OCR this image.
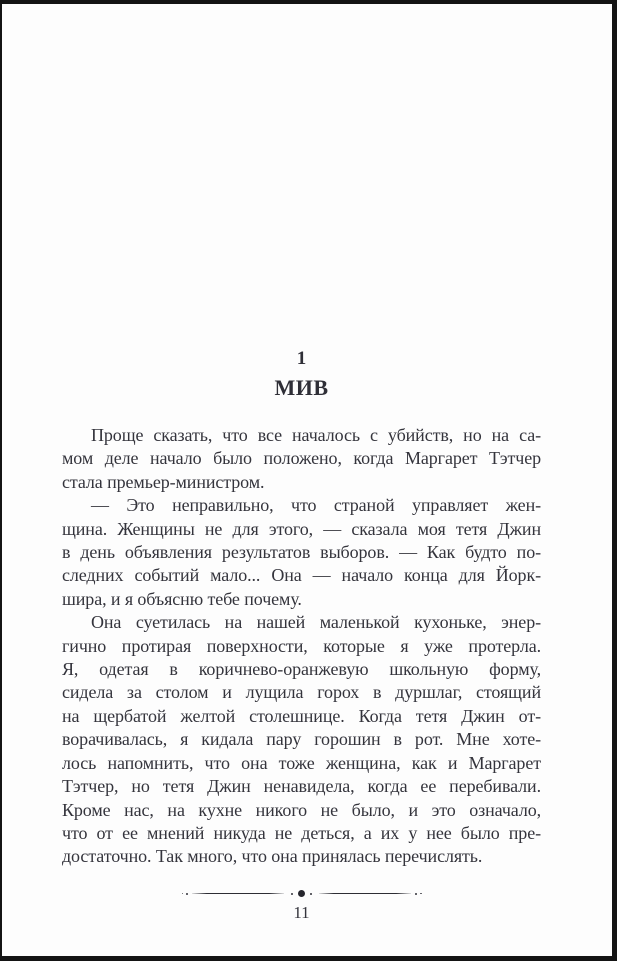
1
МИВ
Проще сказать, что все началось с убийств, но на са-
мом деле начало было положено, когда Маргарет Тэтчер
стала премьер-министром.
— Это неправильно, что страной управляет жен-
щина. Женщины не для этого, — сказала моя тетя Джин
в день объявления результатов выборов. — Как будто по-
следних событий мало... Она — начало конца для Йорк-
шира, и я объясню тебе почему.
Она суетилась на нашей маленькой кухоньке, энер-
гично протирая поверхности, которые я уже протерла.
Я, одетая в коричнево-оранжевую школьную форму,
сидела за столом и лущила горох в дуршлаг, стоящий
на щербатой желтой столешнице. Когда тетя Джин от-
ворачивалась, я кидала пару горошин в рот. Мне хоте-
лось напомнить, что она тоже женщина, как и Маргарет
Тэтчер, но тетя Джин ненавидела, когда ее перебивали.
Кроме нас, на кухне никого не было, и это означало,
что от ее мнений никуда не деться, а их у нее было пре-
достаточно. Так много, что она принялась перечислять.
11
